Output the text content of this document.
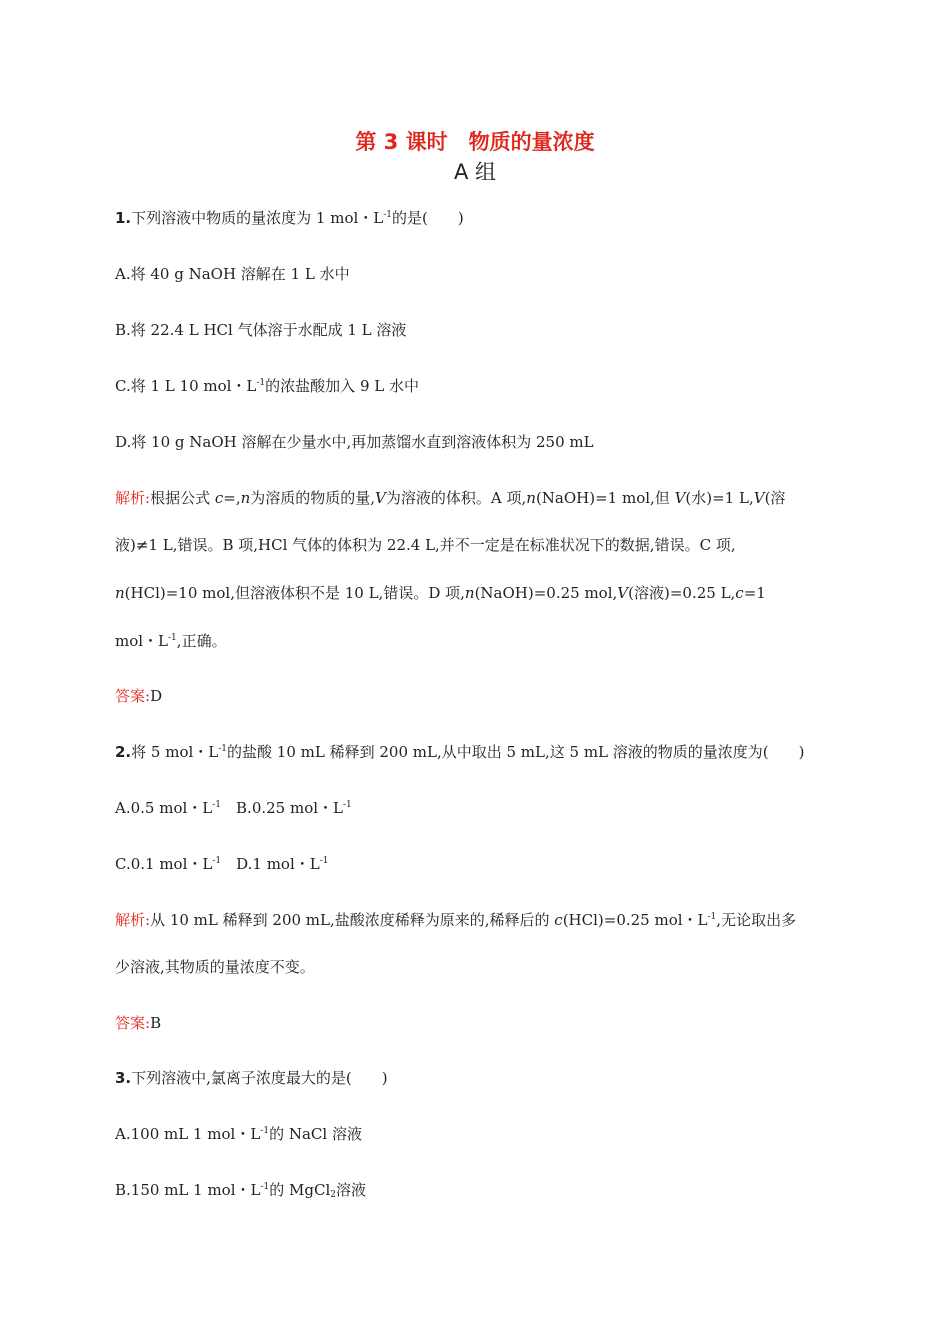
第 3 课时　物质的量浓度
A 组
1.下列溶液中物质的量浓度为 1 mol・$L^{-1}$的是(　　)
A.将 40 g NaOH 溶解在 1 L 水中
B.将 22.4 L HCl 气体溶于水配成 1 L 溶液
C.将 1 L 10 mol・$L^{-1}$的浓盐酸加入 9 L 水中
D.将 10 g NaOH 溶解在少量水中,再加蒸馏水直到溶液体积为 250 mL
解析:根据公式 c=,n为溶质的物质的量,V为溶液的体积。A 项,n(NaOH)=1 mol,但 V(水)=1 L,V(溶
液)≠1 L,错误。B 项,HCl 气体的体积为 22.4 L,并不一定是在标准状况下的数据,错误。C 项,
n(HCl)=10 mol,但溶液体积不是 10 L,错误。D 项,n(NaOH)=0.25 mol,V(溶液)=0.25 L,c=1
mol・$L^{-1}$,正确。
答案:D
2.将 5 mol・$L^{-1}$的盐酸 10 mL 稀释到 200 mL,从中取出 5 mL,这 5 mL 溶液的物质的量浓度为(　　)
A.0.5 mol・$L^{-1}$　B.0.25 mol・$L^{-1}$
C.0.1 mol・$L^{-1}$　D.1 mol・$L^{-1}$
解析:从 10 mL 稀释到 200 mL,盐酸浓度稀释为原来的,稀释后的 c(HCl)=0.25 mol・$L^{-1}$,无论取出多
少溶液,其物质的量浓度不变。
答案:B
3.下列溶液中,氯离子浓度最大的是(　　)
A.100 mL 1 mol・$L^{-1}$的 NaCl 溶液
B.150 mL 1 mol・$L^{-1}$的 MgCl$_2$溶液
